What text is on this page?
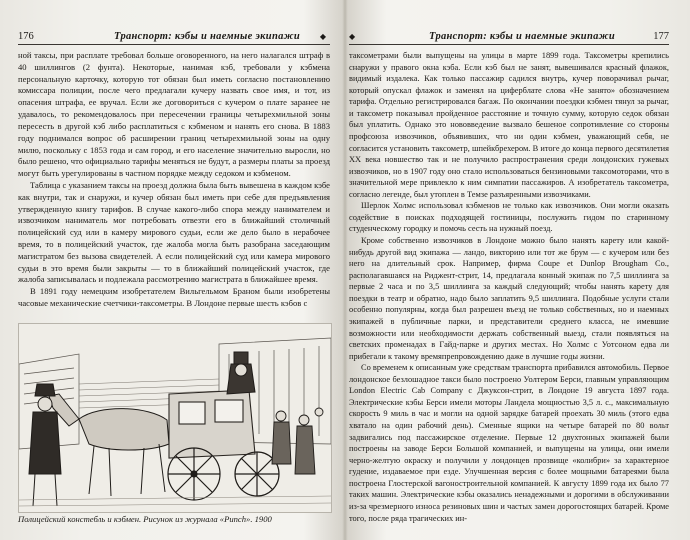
176	Транспорт: кэбы и наемные экипажи ◆

ной таксы, при расплате требовал больше оговоренного, на него налагался штраф в 40 шиллингов (2 фунта). Некоторые, нанимая кэб, требовали у кэбмена персональную карточку, которую тот обязан был иметь согласно постановлению комиссара полиции, после чего предлагали кучеру назвать свое имя, и тот, из опасения штрафа, ее вручал. Если же договориться с кучером о плате заранее не удавалось, то рекомендовалось при пересечении границы четырехмильной зоны пересесть в другой кэб либо расплатиться с кэбменом и нанять его снова. В 1883 году поднимался вопрос об расширении границ четырехмильной зоны на одну милю, поскольку с 1853 года и сам город, и его население значительно выросли, но было решено, что официально тарифы меняться не будут, а размеры платы за проезд могут быть урегулированы в частном порядке между седоком и кэбменом.

Таблица с указанием таксы на проезд должна была быть вывешена в каждом кэбе как внутри, так и снаружи, и кучер обязан был иметь при себе для предъявления утвержденную книгу тарифов. В случае какого-либо спора между нанимателем и извозчиком наниматель мог потребовать отвезти его в ближайший столичный полицейский суд или в камеру мирового судьи, если же дело было в нерабочее время, то в полицейский участок, где жалоба могла быть разобрана заседающим магистратом без вызова свидетелей. А если полицейский суд или камера мирового судьи в это время были закрыты — то в ближайший полицейский участок, где жалоба записывалась и подлежала рассмотрению магистрата в ближайшее время.

В 1891 году немецким изобретателем Вильгельмом Браном были изобретены часовые механические счетчики-таксометры. В Лондоне первые шесть кэбов с

Полицейский констебль и кэбмен. Рисунок из журнала «Punch». 1900
◆	Транспорт: кэбы и наемные экипажи	177

таксометрами были выпущены на улицы в марте 1899 года. Таксометры крепились снаружи у правого окна кэба. Если кэб был не занят, вывешивался красный флажок, видимый издалека. Как только пассажир садился внутрь, кучер поворачивал рычаг, который опускал флажок и заменял на циферблате слова «Не занято» обозначением тарифа. Отдельно регистрировался багаж. По окончании поездки кэбмен тянул за рычаг, и таксометр показывал пройденное расстояние и точную сумму, которую седок обязан был уплатить. Однако это нововведение вызвало бешеное сопротивление со стороны профсоюза извозчиков, объявивших, что ни один кэбмен, уважающий себя, не согласится установить таксометр, шпейкбрехером. В итоге до конца первого десятилетия XX века новшество так и не получило распространения среди лондонских гужевых извозчиков, но в 1907 году оно стало использоваться бензиновыми таксомоторами, что в значительной мере привлекло к ним симпатии пассажиров. А изобретатель таксометра, согласно легенде, был утоплен в Темзе разъяренными извозчиками.

Шерлок Холмс использовал кэбменов не только как извозчиков. Они могли оказать содействие в поисках подходящей гостиницы, послужить гидом по старинному студенческому городку и помочь сесть на нужный поезд.

Кроме собственно извозчиков в Лондоне можно было нанять карету или какой-нибудь другой вид экипажа — ландо, викторию или тот же брум — с кучером или без него на длительный срок. Например, фирма Coupe et Dunlop Brougham Co., располагавшаяся на Риджент-стрит, 14, предлагала конный экипаж по 7,5 шиллинга за первые 2 часа и по 3,5 шиллинга за каждый следующий; чтобы нанять карету для поездки в театр и обратно, надо было заплатить 9,5 шиллинга. Подобные услуги стали особенно популярны, когда был разрешен въезд не только собственных, но и наемных экипажей в публичные парки, и представители среднего класса, не имевшие возможности или необходимости держать собственный выезд, стали появляться на светских променадах в Гайд-парке и других местах. Но Холмс с Уотсоном едва ли прибегали к такому времяпрепровождению даже в лучшие годы жизни.

Со временем к описанным уже средствам транспорта прибавился автомобиль. Первое лондонское безлошадное такси было построено Уолтером Берси, главным управляющим London Electric Cab Company с Джуксон-стрит, в Лондоне 19 августа 1897 года. Электрические кэбы Берси имели моторы Ландела мощностью 3,5 л. с., максимальную скорость 9 миль в час и могли на одной зарядке батарей проехать 30 миль (этого едва хватало на один рабочий день). Сменные ящики на четыре батарей по 80 вольт задвигались под пассажирское отделение. Первые 12 двухтонных экипажей были построены на заводе Берси Большой компанией, и выпущены на улицы, они имели черно-желтую окраску и получили у лондонцев прозвище «колибри» за характерное гудение, издаваемое при езде. Улучшенная версия с более мощными батареями была построена Глостерской вагоностроительной компанией. К августу 1899 года их было 77 таких машин. Электрические кэбы оказались ненадежными и дорогими в обслуживании из-за чрезмерного износа резиновых шин и частых замен дорогостоящих батарей. Кроме того, после ряда трагических ин-
